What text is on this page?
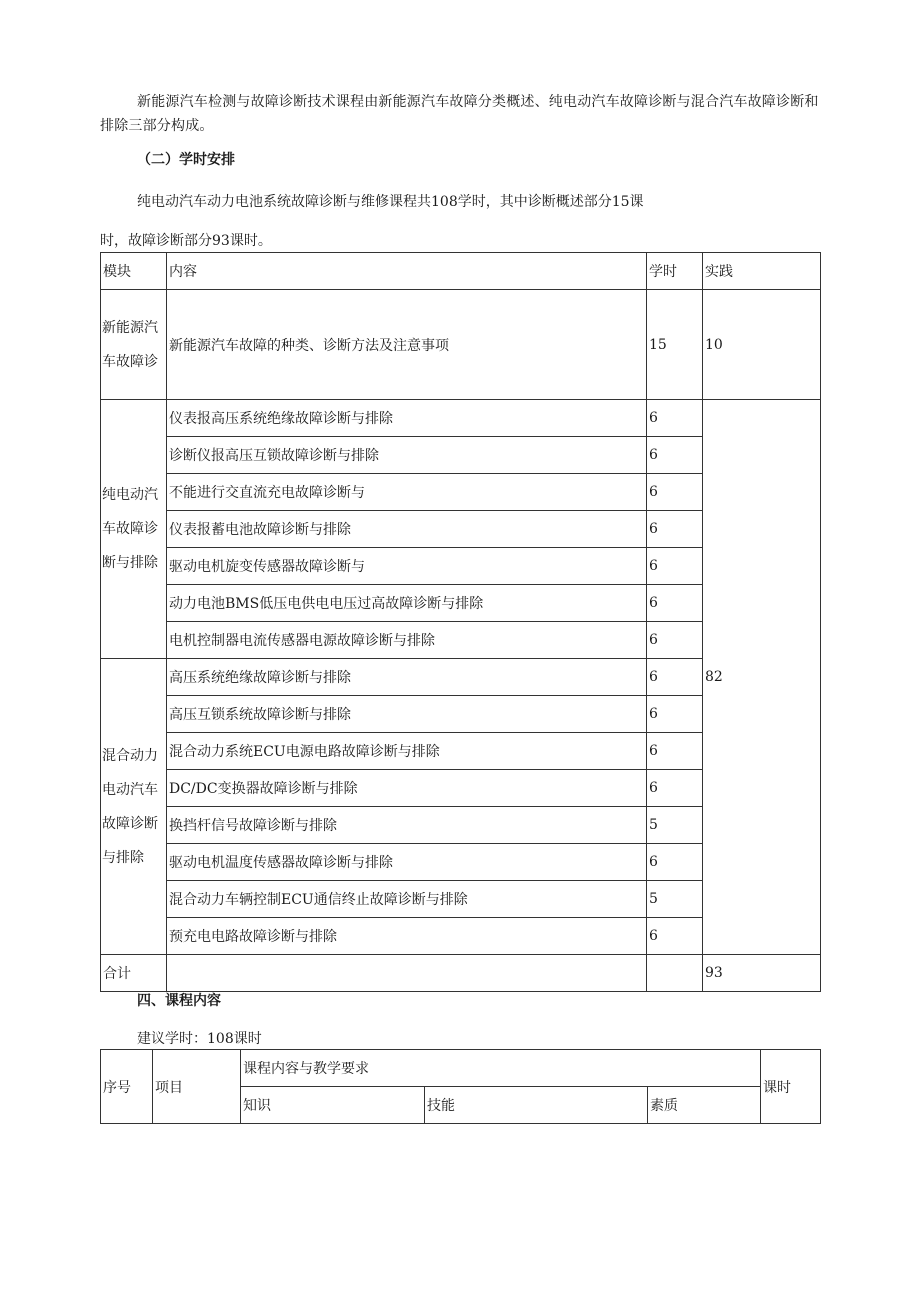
新能源汽车检测与故障诊断技术课程由新能源汽车故障分类概述、纯电动汽车故障诊断与混合汽车故障诊断和排除三部分构成。

（二）学时安排

纯电动汽车动力电池系统故障诊断与维修课程共108学时，其中诊断概述部分15课

时，故障诊断部分93课时。

模块	内容	学时	实践

新能源汽
车故障诊	新能源汽车故障的种类、诊断方法及注意事项	15	10

纯电动汽
车故障诊
断与排除	仪表报高压系统绝缘故障诊断与排除	6	82
	诊断仪报高压互锁故障诊断与排除	6	
	不能进行交直流充电故障诊断与	6	
	仪表报蓄电池故障诊断与排除	6	
	驱动电机旋变传感器故障诊断与	6	
	动力电池BMS低压电供电电压过高故障诊断与排除	6	
	电机控制器电流传感器电源故障诊断与排除	6	

混合动力
电动汽车
故障诊断
与排除	高压系统绝缘故障诊断与排除	6	
	高压互锁系统故障诊断与排除	6	
	混合动力系统ECU电源电路故障诊断与排除	6	
	DC/DC变换器故障诊断与排除	6	
	换挡杆信号故障诊断与排除	5	
	驱动电机温度传感器故障诊断与排除	6	
	混合动力车辆控制ECU通信终止故障诊断与排除	5	
	预充电电路故障诊断与排除	6	
合计			93

四、课程内容

建议学时：108课时

序号	项目	课程内容与教学要求			课时
		知识	技能	素质	
